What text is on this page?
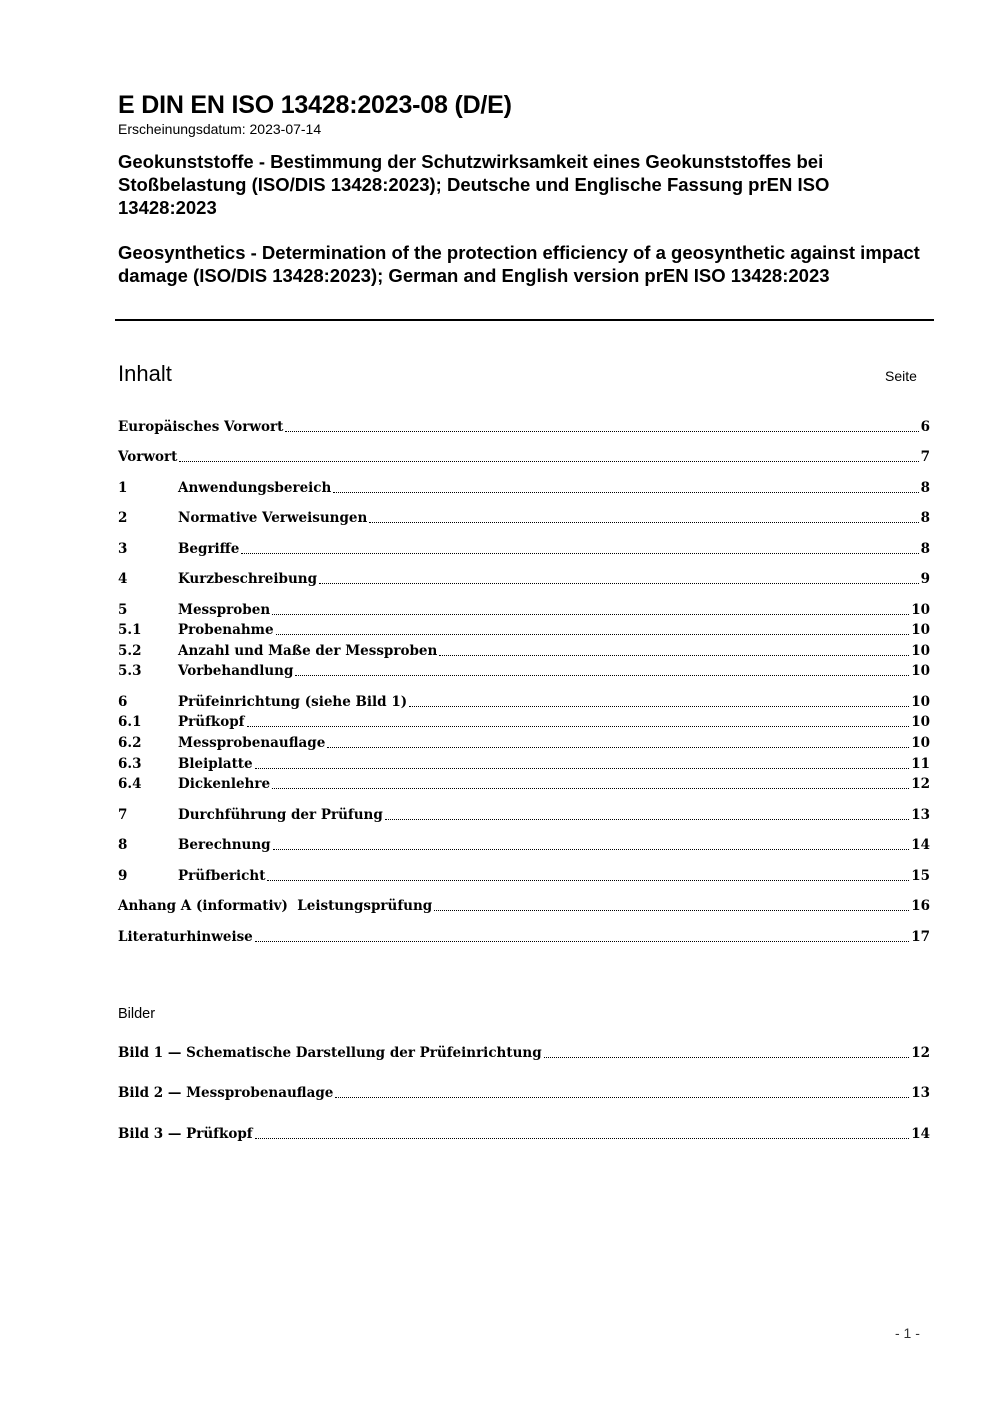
E DIN EN ISO 13428:2023-08 (D/E)
Erscheinungsdatum: 2023-07-14
Geokunststoffe - Bestimmung der Schutzwirksamkeit eines Geokunststoffes bei Stoßbelastung (ISO/DIS 13428:2023); Deutsche und Englische Fassung prEN ISO 13428:2023
Geosynthetics - Determination of the protection efficiency of a geosynthetic against impact damage (ISO/DIS 13428:2023); German and English version prEN ISO 13428:2023
Inhalt	Seite
Europäisches Vorwort	6
Vorwort	7
1	Anwendungsbereich	8
2	Normative Verweisungen	8
3	Begriffe	8
4	Kurzbeschreibung	9
5	Messproben	10
5.1	Probenahme	10
5.2	Anzahl und Maße der Messproben	10
5.3	Vorbehandlung	10
6	Prüfeinrichtung (siehe Bild 1)	10
6.1	Prüfkopf	10
6.2	Messprobenauflage	10
6.3	Bleiplatte	11
6.4	Dickenlehre	12
7	Durchführung der Prüfung	13
8	Berechnung	14
9	Prüfbericht	15
Anhang A (informativ)  Leistungsprüfung	16
Literaturhinweise	17
Bilder
Bild 1 — Schematische Darstellung der Prüfeinrichtung	12
Bild 2 — Messprobenauflage	13
Bild 3 — Prüfkopf	14
- 1 -
